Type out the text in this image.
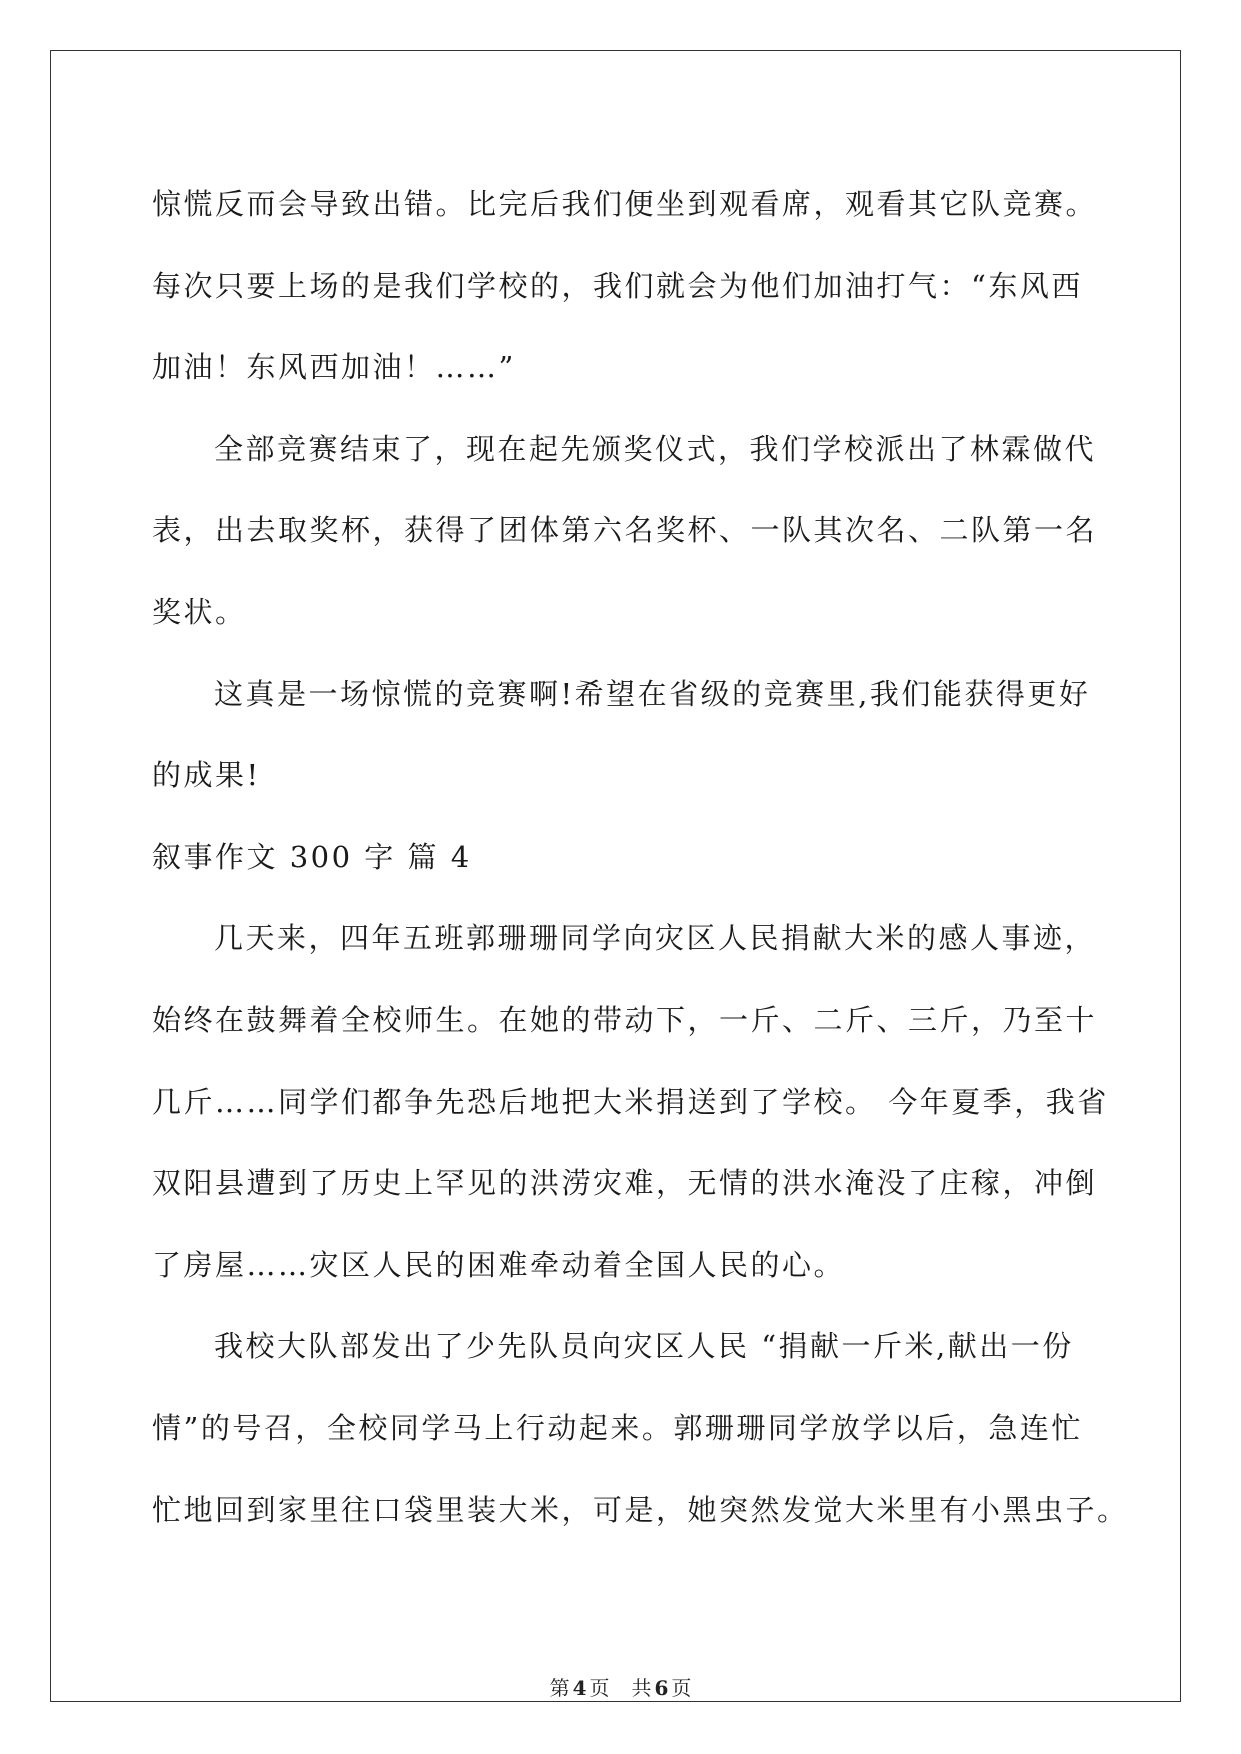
惊慌反而会导致出错。比完后我们便坐到观看席，观看其它队竞赛。
每次只要上场的是我们学校的，我们就会为他们加油打气：“东风西
加油！东风西加油！……”
全部竞赛结束了，现在起先颁奖仪式，我们学校派出了林霖做代
表，出去取奖杯，获得了团体第六名奖杯、一队其次名、二队第一名
奖状。
这真是一场惊慌的竞赛啊!希望在省级的竞赛里,我们能获得更好
的成果!
叙事作文 300 字 篇 4
几天来，四年五班郭珊珊同学向灾区人民捐献大米的感人事迹，
始终在鼓舞着全校师生。在她的带动下，一斤、二斤、三斤，乃至十
几斤……同学们都争先恐后地把大米捐送到了学校。 今年夏季，我省
双阳县遭到了历史上罕见的洪涝灾难，无情的洪水淹没了庄稼，冲倒
了房屋……灾区人民的困难牵动着全国人民的心。
我校大队部发出了少先队员向灾区人民 “捐献一斤米,献出一份
情”的号召，全校同学马上行动起来。郭珊珊同学放学以后，急连忙
忙地回到家里往口袋里装大米，可是，她突然发觉大米里有小黑虫子。
第 4 页 共 6 页
